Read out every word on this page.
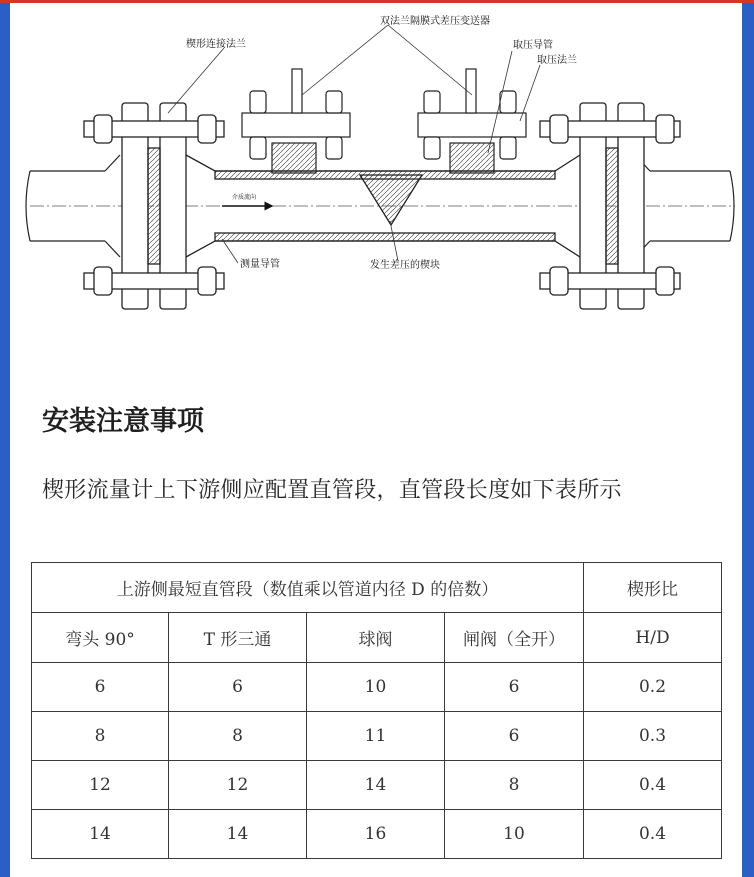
双法兰隔膜式差压变送器
楔形连接法兰	取压导管
取压法兰
介质流向
测量导管	发生差压的楔块
安装注意事项
楔形流量计上下游侧应配置直管段，直管段长度如下表所示
上游侧最短直管段（数值乘以管道内径 D 的倍数）				楔形比
弯头 90°	T 形三通	球阀	闸阀（全开）	H/D
6	6	10	6	0.2
8	8	11	6	0.3
12	12	14	8	0.4
14	14	16	10	0.4
